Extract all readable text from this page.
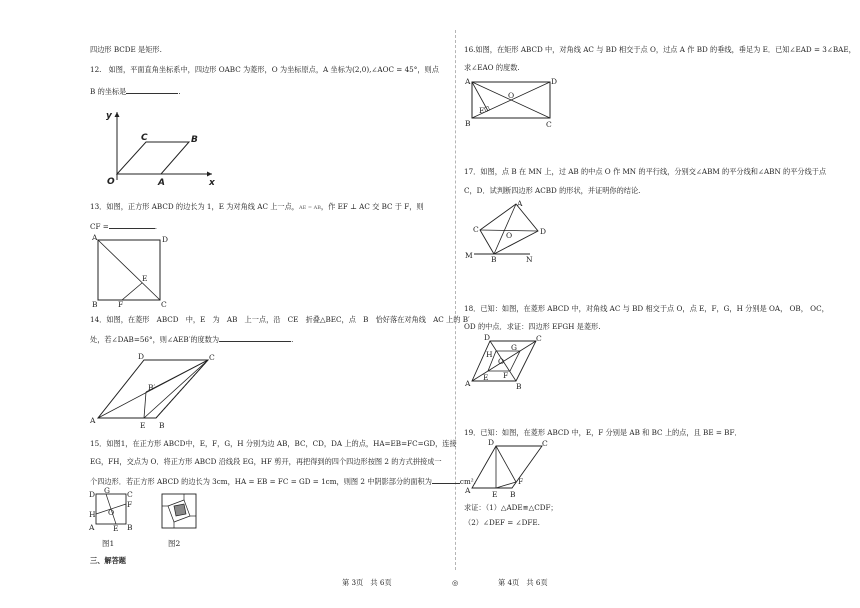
四边形 BCDE 是矩形.
12.　如图，平面直角坐标系中，四边形 OABC 为菱形，O 为坐标原点，A 坐标为(2,0),∠AOC = 45°，则点
B 的坐标是	.
y
x
O	A
B
C
13．如图，正方形 ABCD 的边长为 1，E 为对角线 AC 上一点，AE = AB，作 EF ⊥ AC 交 BC 于 F，则
CF =	.
A	D
B	C
E
F
14．如图，在菱形　ABCD　中，E　为　AB　上一点，沿　CE　折叠△BEC，点　B　恰好落在对角线　AC 上的 B′
处，若∠DAB=56°，则∠AEB′的度数为	.
A
E B
C
D
B′
15．如图1，在正方形 ABCD中，E，F，G，H 分别为边 AB，BC，CD，DA 上的点，HA=EB=FC=GD，连接
EG，FH，交点为 O．将正方形 ABCD 沿线段 EG，HF 剪开，再把得到的四个四边形按图 2 的方式拼接成一
个四边形．若正方形 ABCD 的边长为 3cm，HA = EB = FC = GD = 1cm，则图 2 中阴影部分的面积为	cm².
D G C
F
H O
A E B
图1	图2
三、解答题
16.如图，在矩形 ABCD 中，对角线 AC 与 BD 相交于点 O，过点 A 作 BD 的垂线，垂足为 E．已知∠EAD = 3∠BAE，
求∠EAO 的度数.
A	D
B	C
E
O
17．如图，点 B 在 MN 上，过 AB 的中点 O 作 MN 的平行线，分别交∠ABM 的平分线和∠ABN 的平分线于点
C，D．试判断四边形 ACBD 的形状，并证明你的结论.
A
D
C
O
B
M	N
18．已知：如图，在菱形 ABCD 中，对角线 AC 与 BD 相交于点 O，点 E，F，G，H 分别是 OA， OB， OC，
OD 的中点．求证：四边形 EFGH 是菱形.
A	B
C
D
E F
G
H
O
19．已知：如图，在菱形 ABCD 中，E，F 分别是 AB 和 BC 上的点，且 BE = BF．
A	E B
F
D	C
求证：（1）△ADE≌△CDF；
（2）∠DEF = ∠DFE.
第 3页　共 6页	◎	第 4页　共 6页
